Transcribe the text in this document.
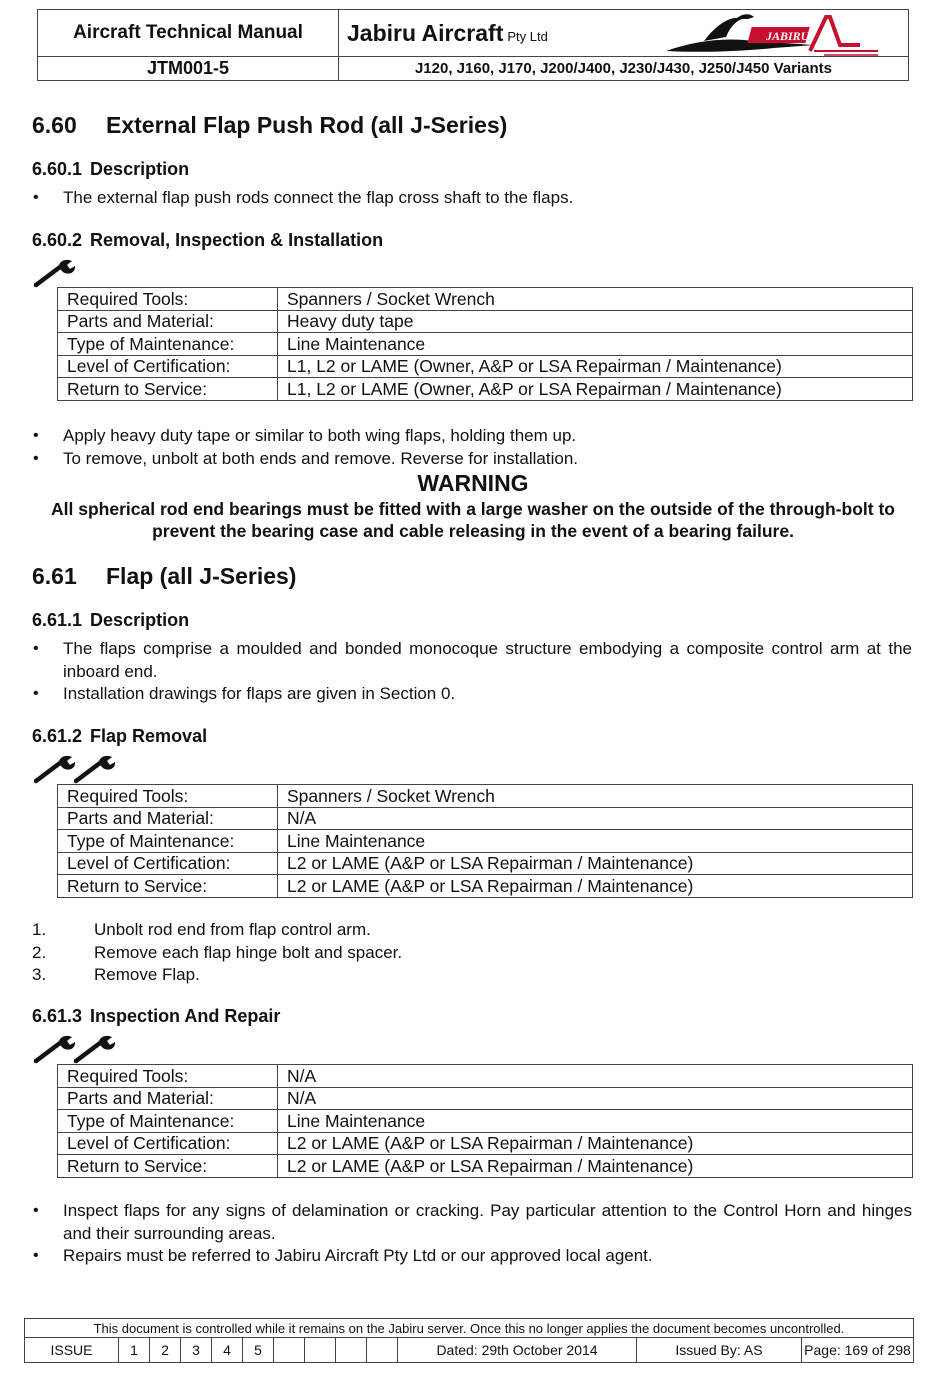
Aircraft Technical Manual	Jabiru Aircraft Pty Ltd JABIRU

JTM001-5	J120, J160, J170, J200/J400, J230/J430, J250/J450 Variants
6.60 External Flap Push Rod (all J-Series)
6.60.1 Description
• The external flap push rods connect the flap cross shaft to the flaps.
6.60.2 Removal, Inspection & Installation
Required Tools:	Spanners / Socket Wrench
Parts and Material:	Heavy duty tape
Type of Maintenance:	Line Maintenance
Level of Certification:	L1, L2 or LAME (Owner, A&P or LSA Repairman / Maintenance)
Return to Service:	L1, L2 or LAME (Owner, A&P or LSA Repairman / Maintenance)
• Apply heavy duty tape or similar to both wing flaps, holding them up.
• To remove, unbolt at both ends and remove. Reverse for installation.
WARNING
All spherical rod end bearings must be fitted with a large washer on the outside of the through-bolt to prevent the bearing case and cable releasing in the event of a bearing failure.
6.61 Flap (all J-Series)
6.61.1 Description
• The flaps comprise a moulded and bonded monocoque structure embodying a composite control arm at the inboard end.
• Installation drawings for flaps are given in Section 0.
6.61.2 Flap Removal
Required Tools:	Spanners / Socket Wrench
Parts and Material:	N/A
Type of Maintenance:	Line Maintenance
Level of Certification:	L2 or LAME (A&P or LSA Repairman / Maintenance)
Return to Service:	L2 or LAME (A&P or LSA Repairman / Maintenance)
1.	Unbolt rod end from flap control arm.
2.	Remove each flap hinge bolt and spacer.
3.	Remove Flap.
6.61.3 Inspection And Repair
Required Tools:	N/A
Parts and Material:	N/A
Type of Maintenance:	Line Maintenance
Level of Certification:	L2 or LAME (A&P or LSA Repairman / Maintenance)
Return to Service:	L2 or LAME (A&P or LSA Repairman / Maintenance)
• Inspect flaps for any signs of delamination or cracking. Pay particular attention to the Control Horn and hinges and their surrounding areas.
• Repairs must be referred to Jabiru Aircraft Pty Ltd or our approved local agent.
This document is controlled while it remains on the Jabiru server. Once this no longer applies the document becomes uncontrolled.
ISSUE	1	2	3	4	5					Dated: 29th October 2014	Issued By: AS	Page: 169 of 298
